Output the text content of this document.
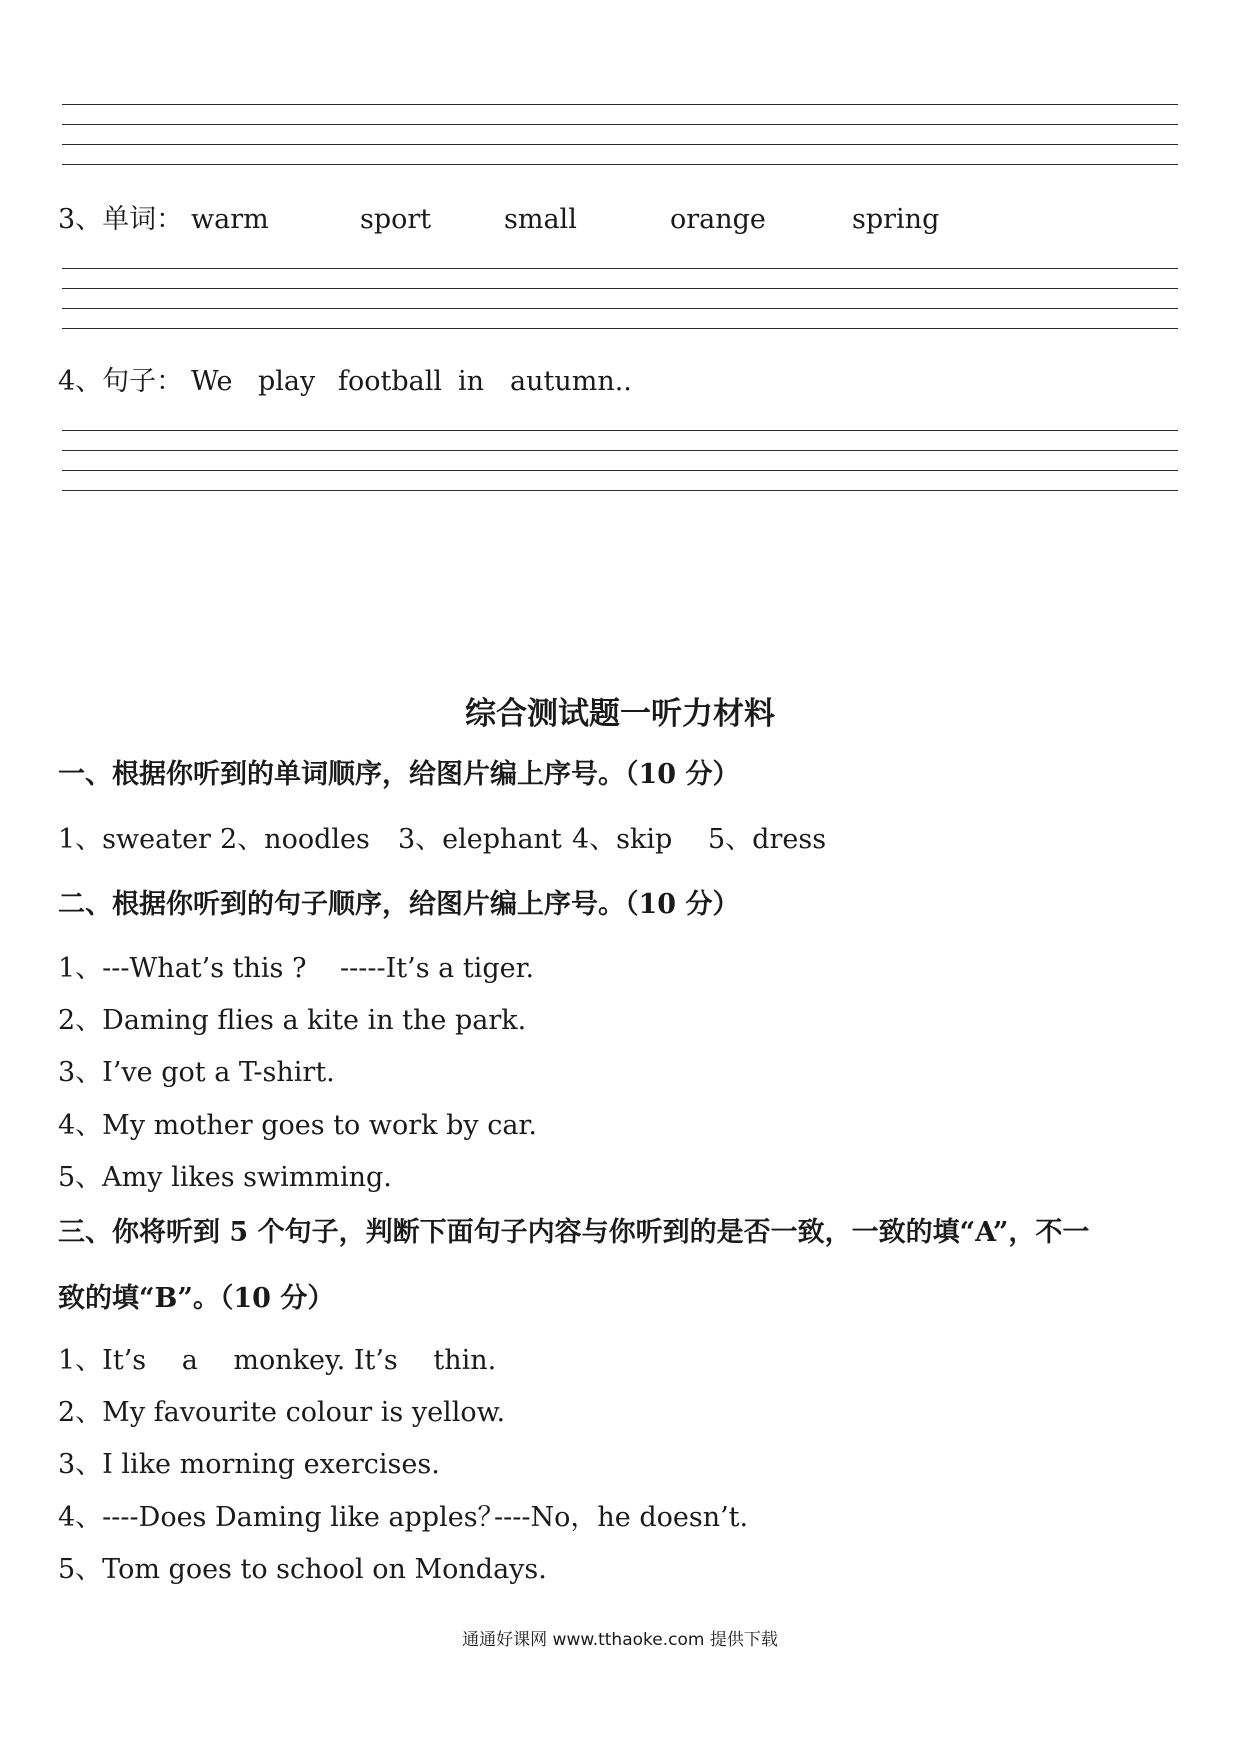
3、单词： warm	sport	small	orange	spring
4、句子： We play football in autumn..
综合测试题一听力材料
一、根据你听到的单词顺序，给图片编上序号。（10 分）
1、sweater 2、noodles 3、elephant 4、skip 5、dress
二、根据你听到的句子顺序，给图片编上序号。（10 分）
1、---What’s this ? -----It’s a tiger.
2、Daming flies a kite in the park.
3、I’ve got a T-shirt.
4、My mother goes to work by car.
5、Amy likes swimming.
三、你将听到 5 个句子，判断下面句子内容与你听到的是否一致，一致的填“A”，不一
致的填“B”。（10 分）
1、It’s　 a　 monkey. It’s　 thin.
2、My favourite colour is yellow.
3、I like morning exercises.
4、----Does Daming like apples？
----No，he doesn’t.
5、Tom goes to school on Mondays.
通通好课网 www.tthaoke.com 提供下载
